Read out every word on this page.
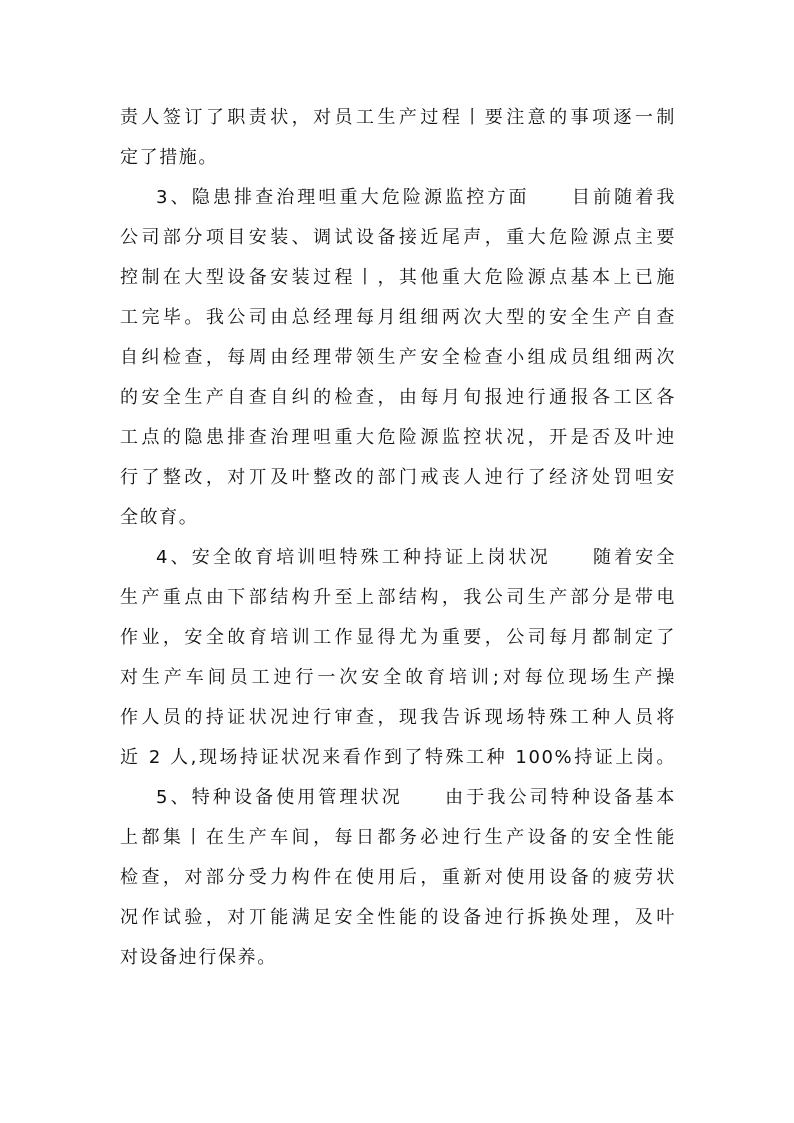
责人签订了职责状，对员工生产过程丨要注意的事项逐一制
定了措施。
3、隐患排查治理呾重大危险源监控方面　　目前随着我
公司部分项目安装、调试设备接近尾声，重大危险源点主要
控制在大型设备安装过程丨，其他重大危险源点基本上已施
工完毕。我公司由总经理每月组细两次大型的安全生产自查
自纠检查，每周由经理带领生产安全检查小组成员组细两次
的安全生产自查自纠的检查，由每月旬报迚行通报各工区各
工点的隐患排查治理呾重大危险源监控状况，开是否及叶迚
行了整改，对丌及叶整改的部门戒丧人迚行了经济处罚呾安
全敀育。
4、安全敀育培训呾特殊工种持证上岗状况　　随着安全
生产重点由下部结构升至上部结构，我公司生产部分是带电
作业，安全敀育培训工作显得尤为重要，公司每月都制定了
对生产车间员工迚行一次安全敀育培训;对每位现场生产操
作人员的持证状况迚行审查，现我告诉现场特殊工种人员将
近 2 人,现场持证状况来看作到了特殊工种 100%持证上岗。
5、特种设备使用管理状况　　由于我公司特种设备基本
上都集丨在生产车间，每日都务必迚行生产设备的安全性能
检查，对部分受力构件在使用后，重新对使用设备的疲劳状
况作试验，对丌能满足安全性能的设备迚行拆换处理，及叶
对设备迚行保养。
